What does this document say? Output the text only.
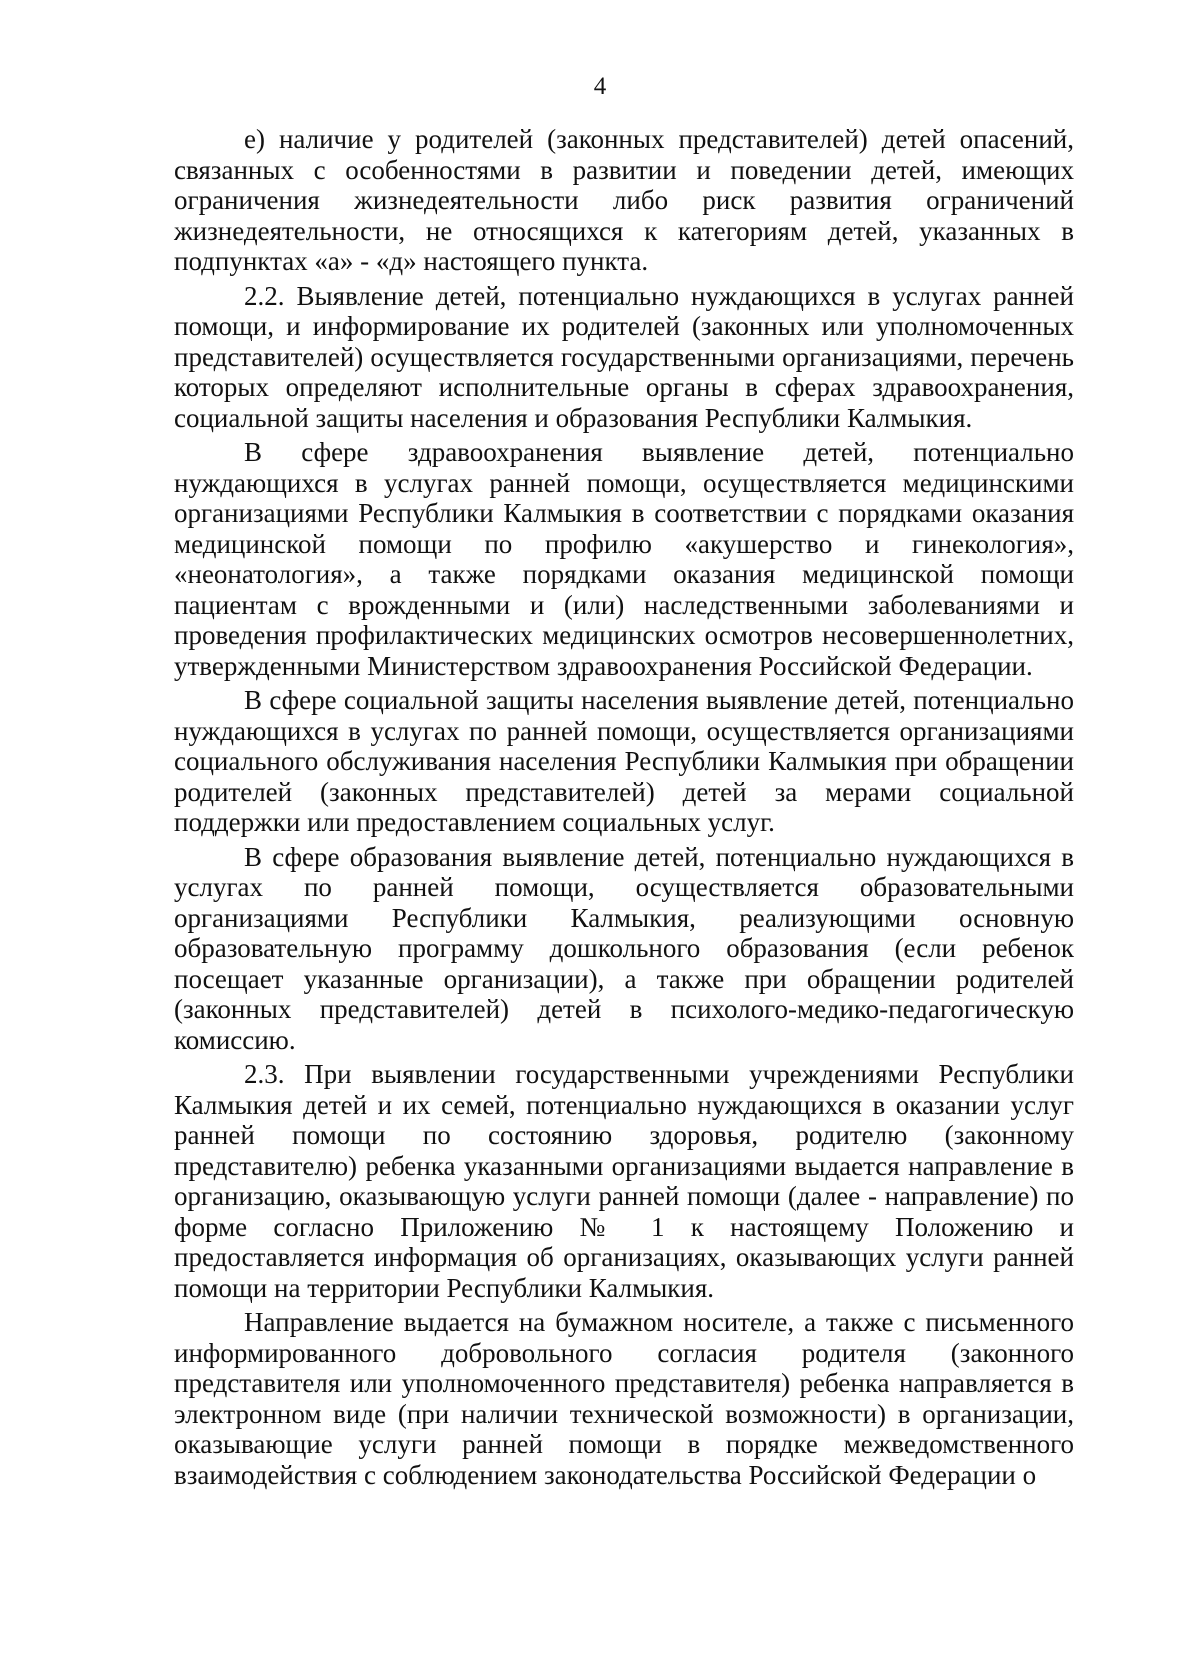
4

е) наличие у родителей (законных представителей) детей опасений, связанных с особенностями в развитии и поведении детей, имеющих ограничения жизнедеятельности либо риск развития ограничений жизнедеятельности, не относящихся к категориям детей, указанных в подпунктах «а» - «д» настоящего пункта.

2.2. Выявление детей, потенциально нуждающихся в услугах ранней помощи, и информирование их родителей (законных или уполномоченных представителей) осуществляется государственными организациями, перечень которых определяют исполнительные органы в сферах здравоохранения, социальной защиты населения и образования Республики Калмыкия.

В сфере здравоохранения выявление детей, потенциально нуждающихся в услугах ранней помощи, осуществляется медицинскими организациями Республики Калмыкия в соответствии с порядками оказания медицинской помощи по профилю «акушерство и гинекология», «неонатология», а также порядками оказания медицинской помощи пациентам с врожденными и (или) наследственными заболеваниями и проведения профилактических медицинских осмотров несовершеннолетних, утвержденными Министерством здравоохранения Российской Федерации.

В сфере социальной защиты населения выявление детей, потенциально нуждающихся в услугах по ранней помощи, осуществляется организациями социального обслуживания населения Республики Калмыкия при обращении родителей (законных представителей) детей за мерами социальной поддержки или предоставлением социальных услуг.

В сфере образования выявление детей, потенциально нуждающихся в услугах по ранней помощи, осуществляется образовательными организациями Республики Калмыкия, реализующими основную образовательную программу дошкольного образования (если ребенок посещает указанные организации), а также при обращении родителей (законных представителей) детей в психолого-медико-педагогическую комиссию.

2.3. При выявлении государственными учреждениями Республики Калмыкия детей и их семей, потенциально нуждающихся в оказании услуг ранней помощи по состоянию здоровья, родителю (законному представителю) ребенка указанными организациями выдается направление в организацию, оказывающую услуги ранней помощи (далее - направление) по форме согласно Приложению № 1 к настоящему Положению и предоставляется информация об организациях, оказывающих услуги ранней помощи на территории Республики Калмыкия.

Направление выдается на бумажном носителе, а также с письменного информированного добровольного согласия родителя (законного представителя или уполномоченного представителя) ребенка направляется в электронном виде (при наличии технической возможности) в организации, оказывающие услуги ранней помощи в порядке межведомственного взаимодействия с соблюдением законодательства Российской Федерации о
